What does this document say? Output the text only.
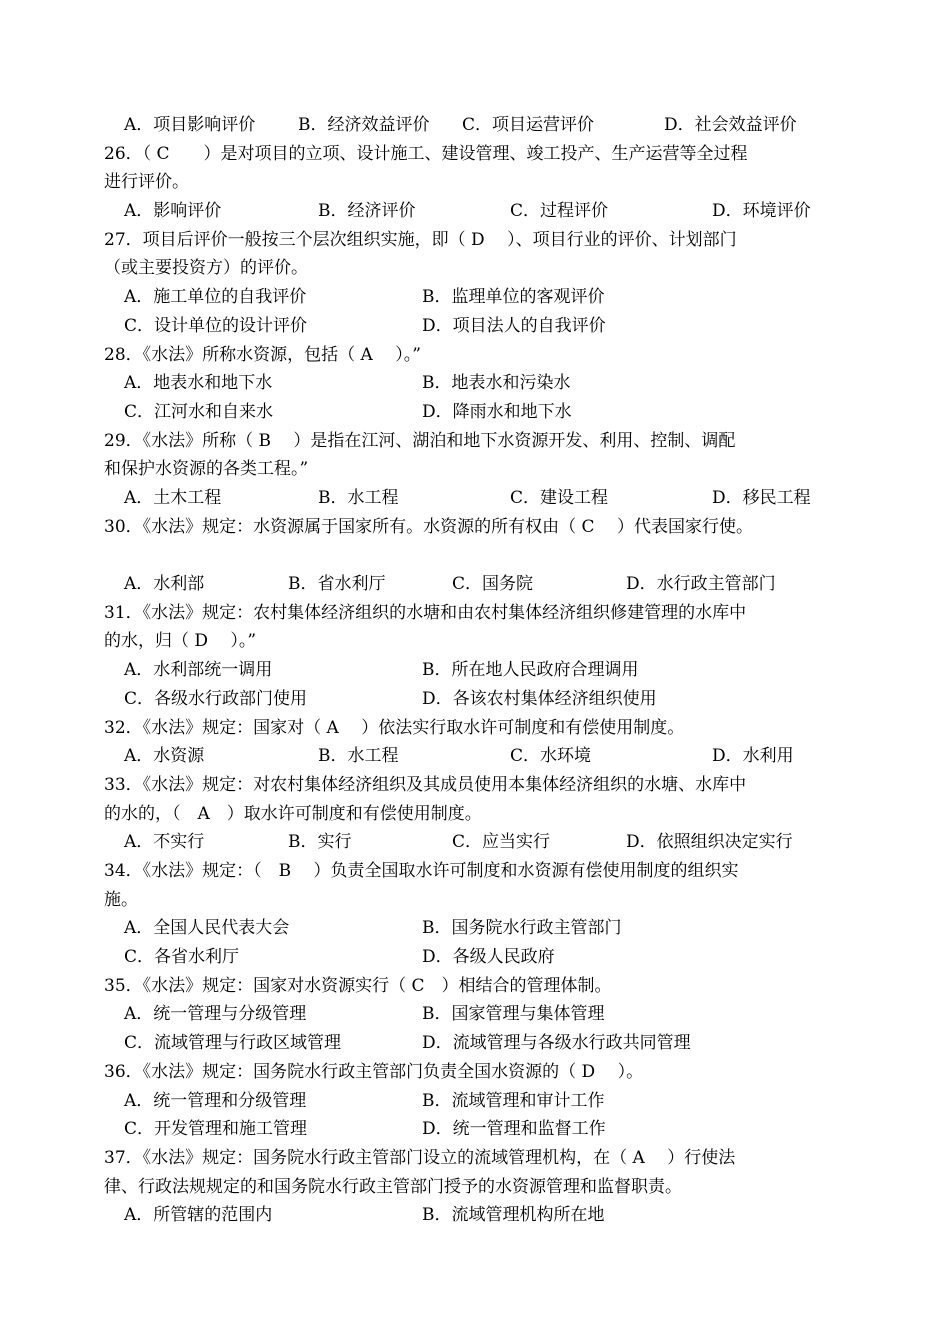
A．项目影响评价	B．经济效益评价 C．项目运营评价	D．社会效益评价
26．（ C　　）是对项目的立项、设计施工、建设管理、竣工投产、生产运营等全过程
进行评价。
A．影响评价	B．经济评价	C．过程评价	D．环境评价
27．项目后评价一般按三个层次组织实施，即（ D　 ）、项目行业的评价、计划部门
（或主要投资方）的评价。
A．施工单位的自我评价	B．监理单位的客观评价
C．设计单位的设计评价	D．项目法人的自我评价
28．《水法》所称水资源，包括（ A　 ）。”
A．地表水和地下水	B．地表水和污染水
C．江河水和自来水	D．降雨水和地下水
29．《水法》所称（ B　 ）是指在江河、湖泊和地下水资源开发、利用、控制、调配
和保护水资源的各类工程。”
A．土木工程	B．水工程	C．建设工程	D．移民工程
30．《水法》规定：水资源属于国家所有。水资源的所有权由（ C　 ）代表国家行使。
A．水利部	B．省水利厅	C．国务院	D．水行政主管部门
31．《水法》规定：农村集体经济组织的水塘和由农村集体经济组织修建管理的水库中
的水，归（ D　 ）。”
A．水利部统一调用	B．所在地人民政府合理调用
C．各级水行政部门使用	D．各该农村集体经济组织使用
32．《水法》规定：国家对（ A　 ）依法实行取水许可制度和有偿使用制度。
A．水资源	B．水工程	C．水环境	D．水利用
33．《水法》规定：对农村集体经济组织及其成员使用本集体经济组织的水塘、水库中
的水的，（　A　）取水许可制度和有偿使用制度。
A．不实行	B．实行	C．应当实行	D．依照组织决定实行
34．《水法》规定：（　B　 ）负责全国取水许可制度和水资源有偿使用制度的组织实
施。
A．全国人民代表大会	B．国务院水行政主管部门
C．各省水利厅	D．各级人民政府
35．《水法》规定：国家对水资源实行（ C　）相结合的管理体制。
A．统一管理与分级管理	B．国家管理与集体管理
C．流域管理与行政区域管理	D．流域管理与各级水行政共同管理
36．《水法》规定：国务院水行政主管部门负责全国水资源的（ D　 ）。
A．统一管理和分级管理	B．流域管理和审计工作
C．开发管理和施工管理	D．统一管理和监督工作
37．《水法》规定：国务院水行政主管部门设立的流域管理机构，在（ A　 ）行使法
律、行政法规规定的和国务院水行政主管部门授予的水资源管理和监督职责。
A．所管辖的范围内	B．流域管理机构所在地
